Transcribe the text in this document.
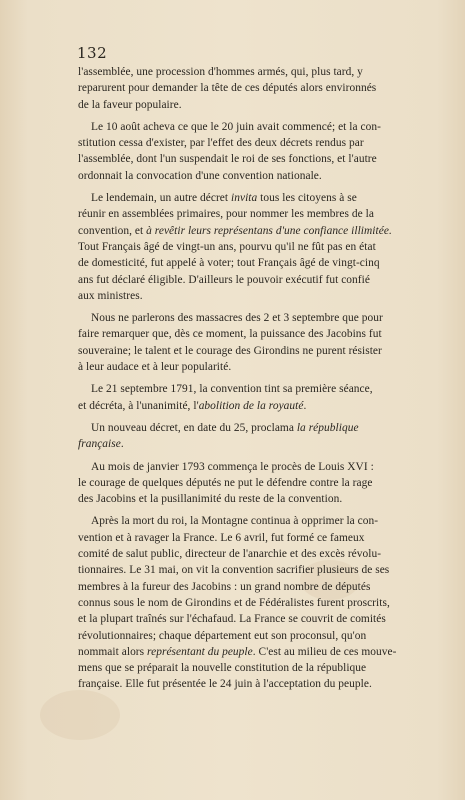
132
l'assemblée, une procession d'hommes armés, qui, plus tard, y
reparurent pour demander la tête de ces députés alors environnés
de la faveur populaire.
Le 10 août acheva ce que le 20 juin avait commencé; et la con-
stitution cessa d'exister, par l'effet des deux décrets rendus par
l'assemblée, dont l'un suspendait le roi de ses fonctions, et l'autre
ordonnait la convocation d'une convention nationale.
Le lendemain, un autre décret invita tous les citoyens à se
réunir en assemblées primaires, pour nommer les membres de la
convention, et à revêtir leurs représentans d'une confiance illimitée.
Tout Français âgé de vingt-un ans, pourvu qu'il ne fût pas en état
de domesticité, fut appelé à voter; tout Français âgé de vingt-cinq
ans fut déclaré éligible. D'ailleurs le pouvoir exécutif fut confié
aux ministres.
Nous ne parlerons des massacres des 2 et 3 septembre que pour
faire remarquer que, dès ce moment, la puissance des Jacobins fut
souveraine; le talent et le courage des Girondins ne purent résister
à leur audace et à leur popularité.
Le 21 septembre 1791, la convention tint sa première séance,
et décréta, à l'unanimité, l'abolition de la royauté.
Un nouveau décret, en date du 25, proclama la république
française.
Au mois de janvier 1793 commença le procès de Louis XVI :
le courage de quelques députés ne put le défendre contre la rage
des Jacobins et la pusillanimité du reste de la convention.
Après la mort du roi, la Montagne continua à opprimer la con-
vention et à ravager la France. Le 6 avril, fut formé ce fameux
comité de salut public, directeur de l'anarchie et des excès révolu-
tionnaires. Le 31 mai, on vit la convention sacrifier plusieurs de ses
membres à la fureur des Jacobins : un grand nombre de députés
connus sous le nom de Girondins et de Fédéralistes furent proscrits,
et la plupart traînés sur l'échafaud. La France se couvrit de comités
révolutionnaires; chaque département eut son proconsul, qu'on
nommait alors représentant du peuple. C'est au milieu de ces mouve-
mens que se préparait la nouvelle constitution de la république
française. Elle fut présentée le 24 juin à l'acceptation du peuple.
